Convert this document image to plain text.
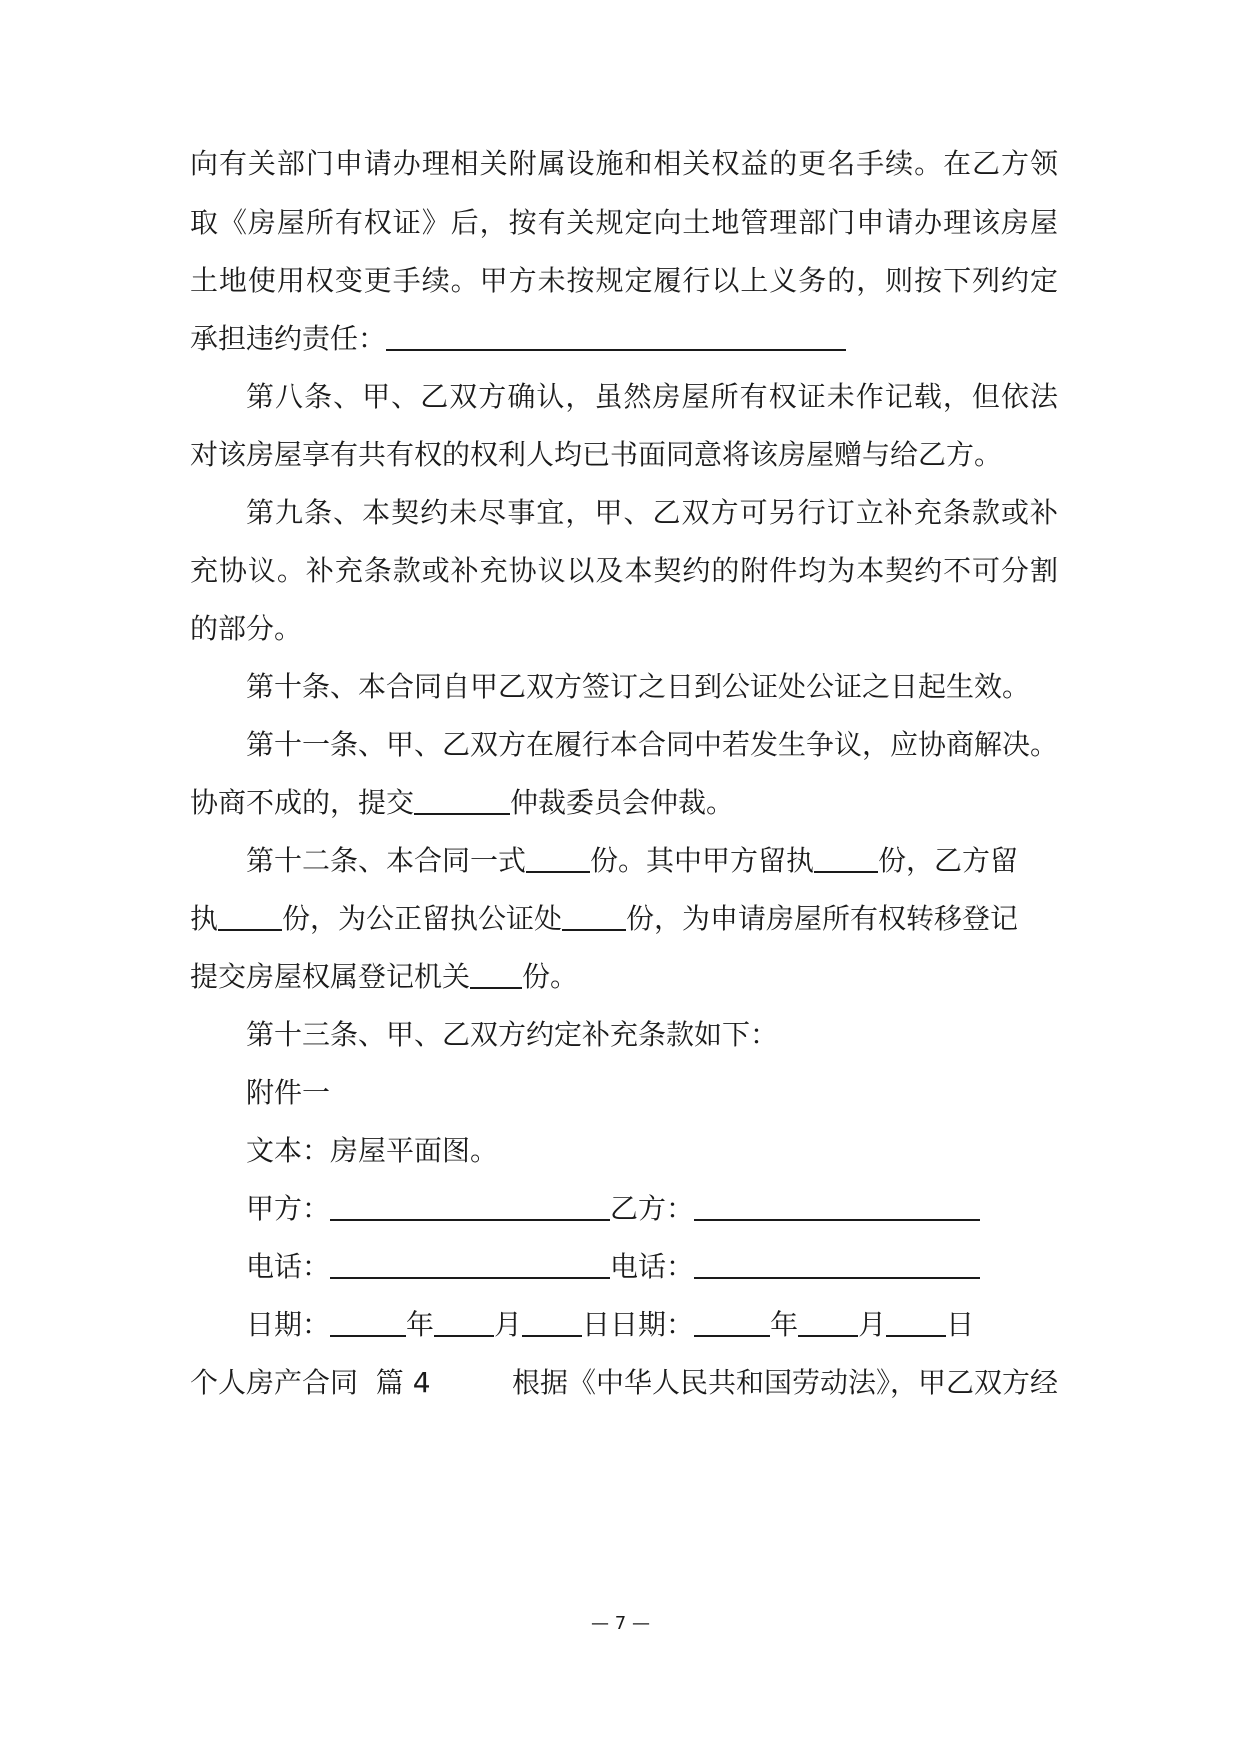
向有关部门申请办理相关附属设施和相关权益的更名手续。在乙方领
取《房屋所有权证》后，按有关规定向土地管理部门申请办理该房屋
土地使用权变更手续。甲方未按规定履行以上义务的，则按下列约定
承担违约责任：
第八条、甲、乙双方确认，虽然房屋所有权证未作记载，但依法
对该房屋享有共有权的权利人均已书面同意将该房屋赠与给乙方。
第九条、本契约未尽事宜，甲、乙双方可另行订立补充条款或补
充协议。补充条款或补充协议以及本契约的附件均为本契约不可分割
的部分。
第十条、本合同自甲乙双方签订之日到公证处公证之日起生效。
第十一条、甲、乙双方在履行本合同中若发生争议，应协商解决。
协商不成的，提交	仲裁委员会仲裁。
第十二条、本合同一式 份。其中甲方留执 份，乙方留
执 份，为公正留执公证处 份，为申请房屋所有权转移登记
提交房屋权属登记机关 份。
第十三条、甲、乙双方约定补充条款如下：
附件一
文本：房屋平面图。
甲方：	乙方：
电话：	电话：
日期：	年 月 日日期：	年 月 日
个人房产合同  篇 4	根据《中华人民共和国劳动法》，甲乙双方经
— 7 —
